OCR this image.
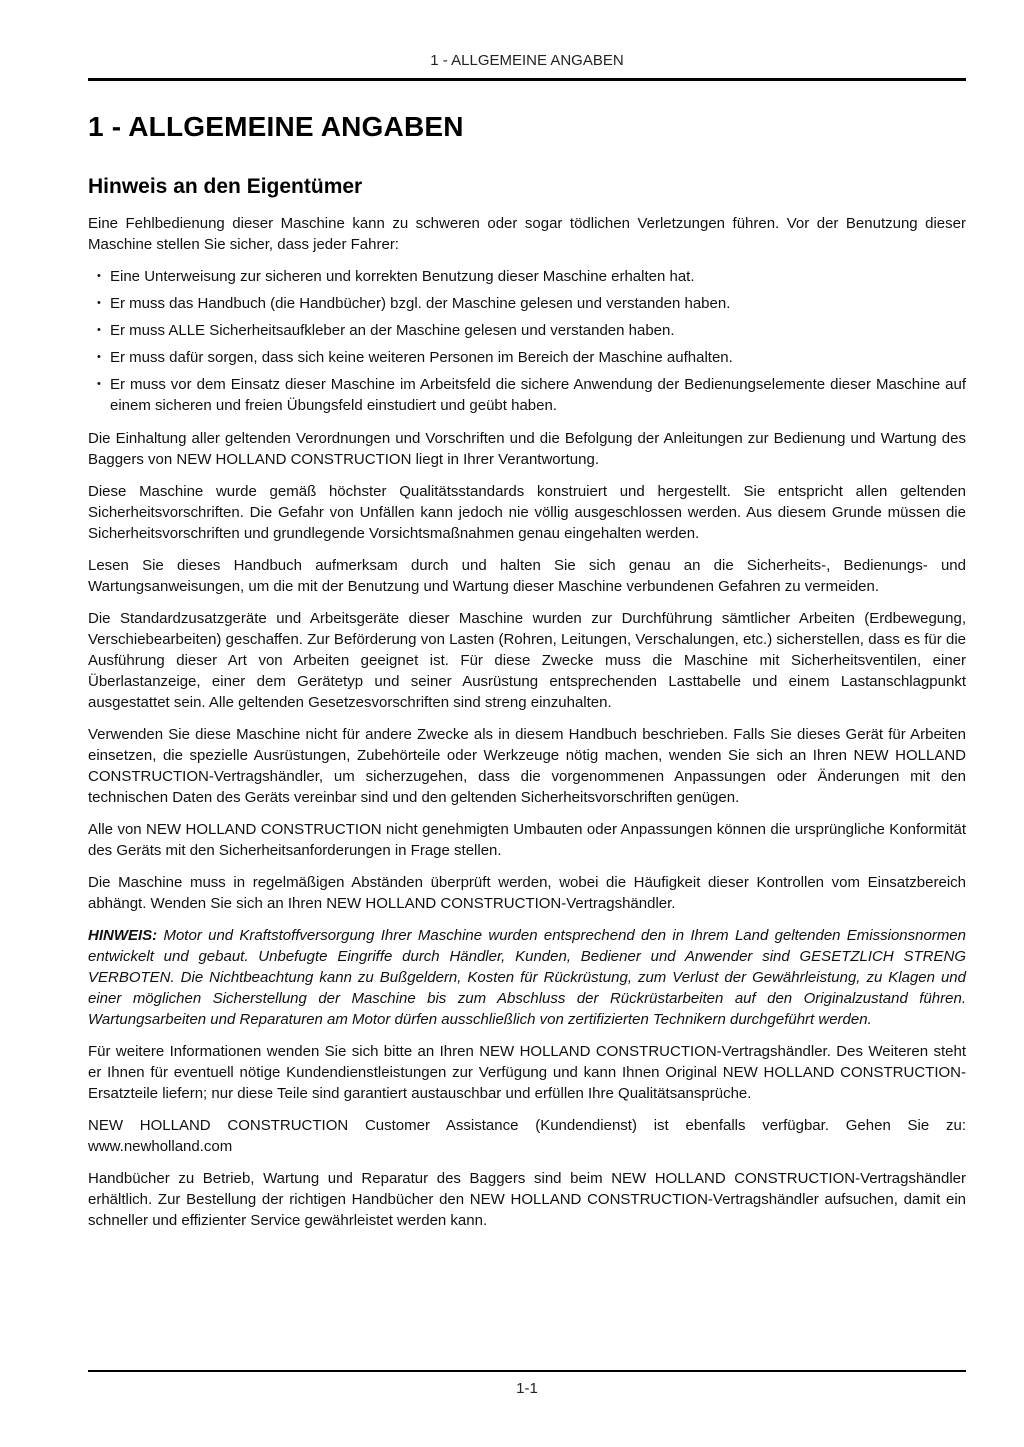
1 - ALLGEMEINE ANGABEN
1 - ALLGEMEINE ANGABEN
Hinweis an den Eigentümer

Eine Fehlbedienung dieser Maschine kann zu schweren oder sogar tödlichen Verletzungen führen. Vor der Benutzung dieser Maschine stellen Sie sicher, dass jeder Fahrer:

• Eine Unterweisung zur sicheren und korrekten Benutzung dieser Maschine erhalten hat.
• Er muss das Handbuch (die Handbücher) bzgl. der Maschine gelesen und verstanden haben.
• Er muss ALLE Sicherheitsaufkleber an der Maschine gelesen und verstanden haben.
• Er muss dafür sorgen, dass sich keine weiteren Personen im Bereich der Maschine aufhalten.
• Er muss vor dem Einsatz dieser Maschine im Arbeitsfeld die sichere Anwendung der Bedienungselemente dieser Maschine auf einem sicheren und freien Übungsfeld einstudiert und geübt haben.

Die Einhaltung aller geltenden Verordnungen und Vorschriften und die Befolgung der Anleitungen zur Bedienung und Wartung des Baggers von NEW HOLLAND CONSTRUCTION liegt in Ihrer Verantwortung.

Diese Maschine wurde gemäß höchster Qualitätsstandards konstruiert und hergestellt. Sie entspricht allen geltenden Sicherheitsvorschriften. Die Gefahr von Unfällen kann jedoch nie völlig ausgeschlossen werden. Aus diesem Grunde müssen die Sicherheitsvorschriften und grundlegende Vorsichtsmaßnahmen genau eingehalten werden.

Lesen Sie dieses Handbuch aufmerksam durch und halten Sie sich genau an die Sicherheits-, Bedienungs- und Wartungsanweisungen, um die mit der Benutzung und Wartung dieser Maschine verbundenen Gefahren zu vermeiden.

Die Standardzusatzgeräte und Arbeitsgeräte dieser Maschine wurden zur Durchführung sämtlicher Arbeiten (Erdbewegung, Verschiebearbeiten) geschaffen. Zur Beförderung von Lasten (Rohren, Leitungen, Verschalungen, etc.) sicherstellen, dass es für die Ausführung dieser Art von Arbeiten geeignet ist. Für diese Zwecke muss die Maschine mit Sicherheitsventilen, einer Überlastanzeige, einer dem Gerätetyp und seiner Ausrüstung entsprechenden Lasttabelle und einem Lastanschlagpunkt ausgestattet sein. Alle geltenden Gesetzesvorschriften sind streng einzuhalten.

Verwenden Sie diese Maschine nicht für andere Zwecke als in diesem Handbuch beschrieben. Falls Sie dieses Gerät für Arbeiten einsetzen, die spezielle Ausrüstungen, Zubehörteile oder Werkzeuge nötig machen, wenden Sie sich an Ihren NEW HOLLAND CONSTRUCTION-Vertragshändler, um sicherzugehen, dass die vorgenommenen Anpassungen oder Änderungen mit den technischen Daten des Geräts vereinbar sind und den geltenden Sicherheitsvorschriften genügen.

Alle von NEW HOLLAND CONSTRUCTION nicht genehmigten Umbauten oder Anpassungen können die ursprüngliche Konformität des Geräts mit den Sicherheitsanforderungen in Frage stellen.

Die Maschine muss in regelmäßigen Abständen überprüft werden, wobei die Häufigkeit dieser Kontrollen vom Einsatzbereich abhängt. Wenden Sie sich an Ihren NEW HOLLAND CONSTRUCTION-Vertragshändler.

HINWEIS: Motor und Kraftstoffversorgung Ihrer Maschine wurden entsprechend den in Ihrem Land geltenden Emissionsnormen entwickelt und gebaut. Unbefugte Eingriffe durch Händler, Kunden, Bediener und Anwender sind GESETZLICH STRENG VERBOTEN. Die Nichtbeachtung kann zu Bußgeldern, Kosten für Rückrüstung, zum Verlust der Gewährleistung, zu Klagen und einer möglichen Sicherstellung der Maschine bis zum Abschluss der Rückrüstarbeiten auf den Originalzustand führen. Wartungsarbeiten und Reparaturen am Motor dürfen ausschließlich von zertifizierten Technikern durchgeführt werden.

Für weitere Informationen wenden Sie sich bitte an Ihren NEW HOLLAND CONSTRUCTION-Vertragshändler. Des Weiteren steht er Ihnen für eventuell nötige Kundendienstleistungen zur Verfügung und kann Ihnen Original NEW HOLLAND CONSTRUCTION-Ersatzteile liefern; nur diese Teile sind garantiert austauschbar und erfüllen Ihre Qualitätsansprüche.

NEW HOLLAND CONSTRUCTION Customer Assistance (Kundendienst) ist ebenfalls verfügbar. Gehen Sie zu: www.newholland.com

Handbücher zu Betrieb, Wartung und Reparatur des Baggers sind beim NEW HOLLAND CONSTRUCTION-Vertragshändler erhältlich. Zur Bestellung der richtigen Handbücher den NEW HOLLAND CONSTRUCTION-Vertragshändler aufsuchen, damit ein schneller und effizienter Service gewährleistet werden kann.

1-1
